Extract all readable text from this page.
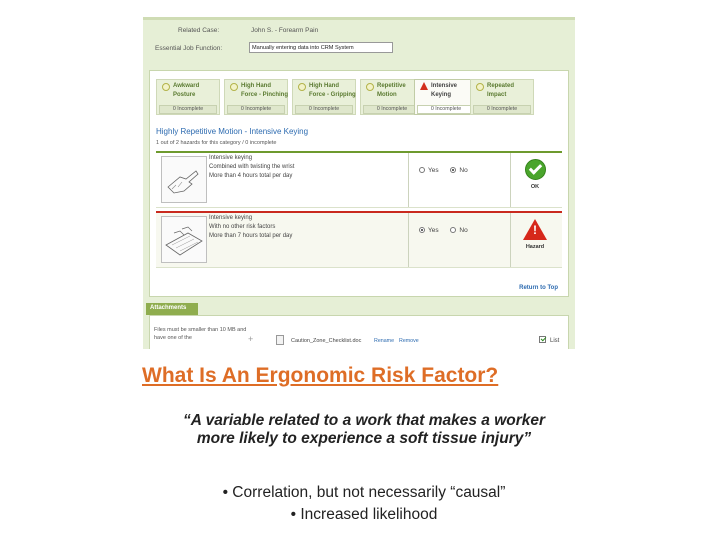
Related Case:	John S. - Forearm Pain
Essential Job Function:	Manually entering data into CRM System
Awkward
Posture
0 Incomplete
High Hand
Force - Pinching
0 Incomplete
High Hand
Force - Gripping
0 Incomplete
Repetitive
Motion
0 Incomplete
Intensive
Keying
0 Incomplete
Repeated
Impact
0 Incomplete
Highly Repetitive Motion - Intensive Keying
1 out of 2 hazards for this category / 0 incomplete
Intensive keying
Combined with twisting the wrist
More than 4 hours total per day
Yes	No
OK
Intensive keying
With no other risk factors
More than 7 hours total per day
Yes	No	!
Hazard
Return to Top
Attachments
Files must be smaller than 10 MB and have one of the	+	Caution_Zone_Checklist.doc Rename Remove	List
What Is An Ergonomic Risk Factor?
“A variable related to a work that makes a worker
more likely to experience a soft tissue injury”
• Correlation, but not necessarily “causal”
• Increased likelihood
